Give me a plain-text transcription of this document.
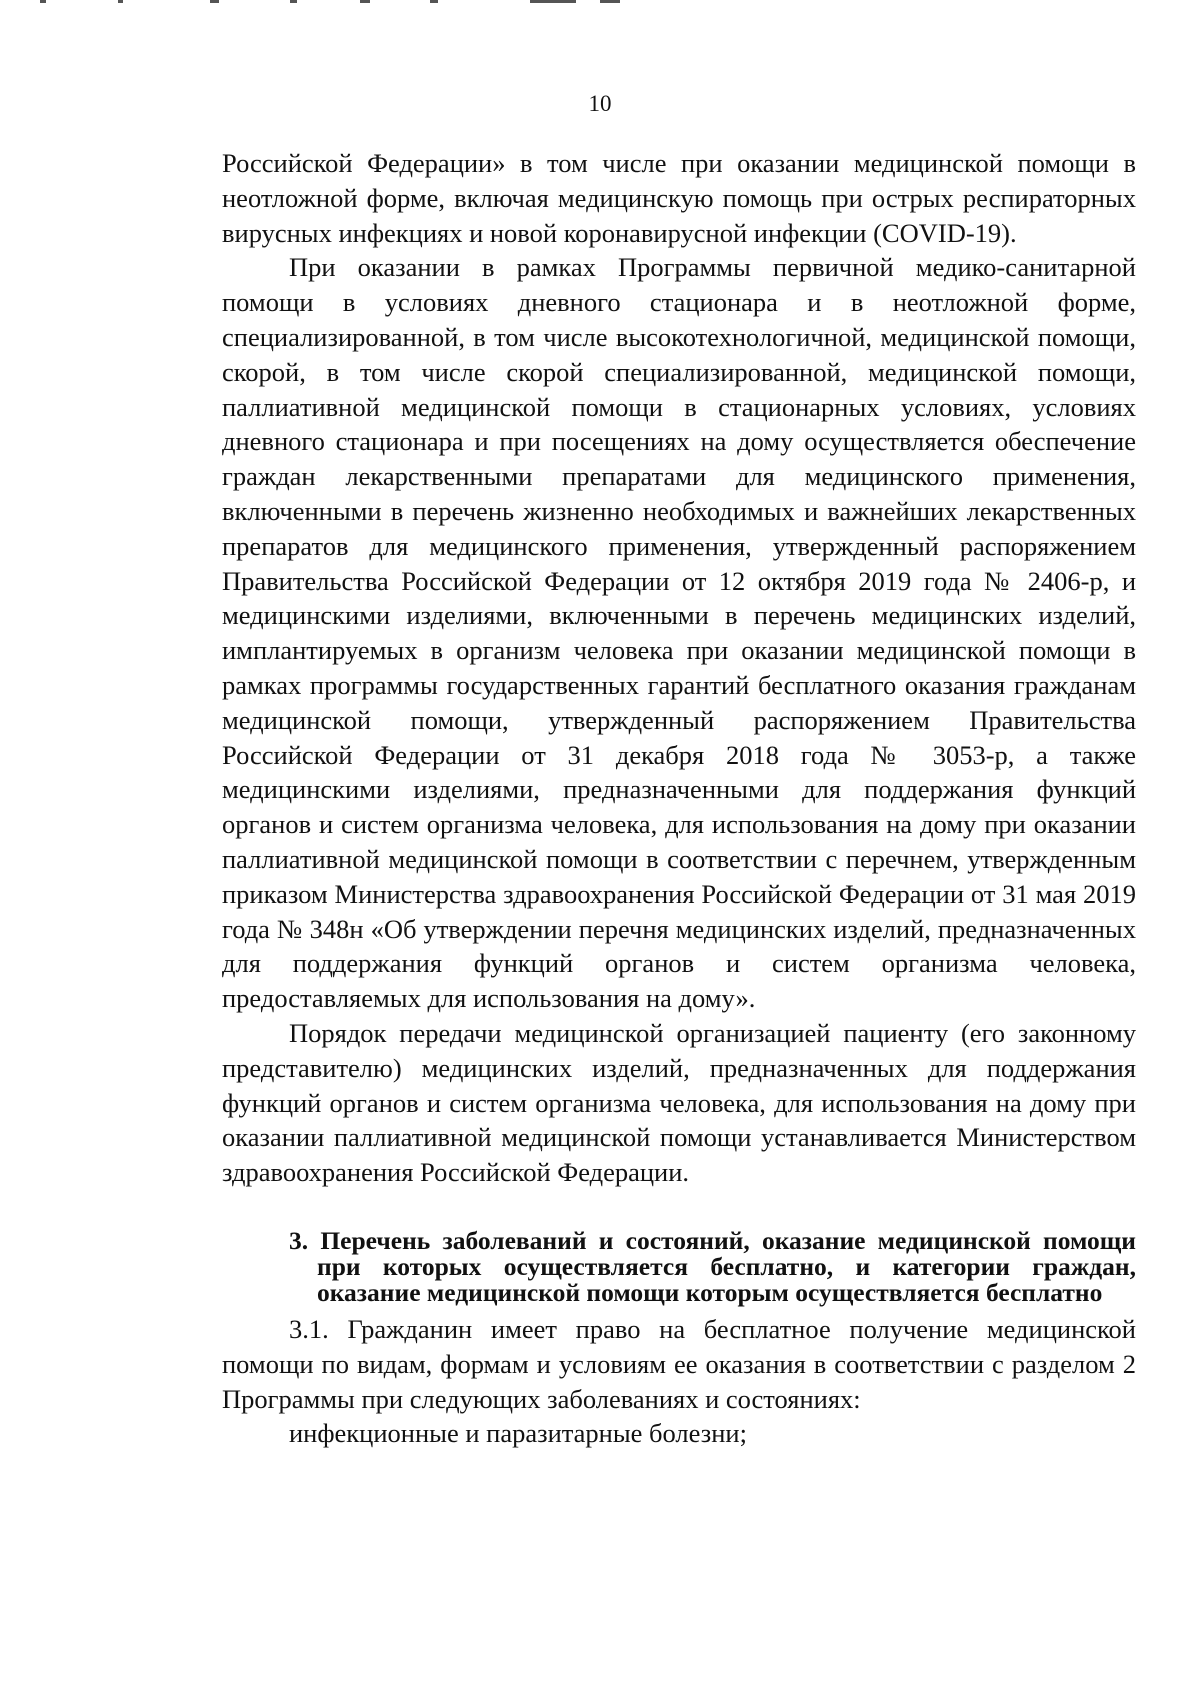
10

Российской Федерации» в том числе при оказании медицинской помощи в неотложной форме, включая медицинскую помощь при острых респираторных вирусных инфекциях и новой коронавирусной инфекции (COVID-19).

При оказании в рамках Программы первичной медико-санитарной помощи в условиях дневного стационара и в неотложной форме, специализированной, в том числе высокотехнологичной, медицинской помощи, скорой, в том числе скорой специализированной, медицинской помощи, паллиативной медицинской помощи в стационарных условиях, условиях дневного стационара и при посещениях на дому осуществляется обеспечение граждан лекарственными препаратами для медицинского применения, включенными в перечень жизненно необходимых и важнейших лекарственных препаратов для медицинского применения, утвержденный распоряжением Правительства Российской Федерации от 12 октября 2019 года № 2406-р, и медицинскими изделиями, включенными в перечень медицинских изделий, имплантируемых в организм человека при оказании медицинской помощи в рамках программы государственных гарантий бесплатного оказания гражданам медицинской помощи, утвержденный распоряжением Правительства Российской Федерации от 31 декабря 2018 года № 3053-р, а также медицинскими изделиями, предназначенными для поддержания функций органов и систем организма человека, для использования на дому при оказании паллиативной медицинской помощи в соответствии с перечнем, утвержденным приказом Министерства здравоохранения Российской Федерации от 31 мая 2019 года № 348н «Об утверждении перечня медицинских изделий, предназначенных для поддержания функций органов и систем организма человека, предоставляемых для использования на дому».

Порядок передачи медицинской организацией пациенту (его законному представителю) медицинских изделий, предназначенных для поддержания функций органов и систем организма человека, для использования на дому при оказании паллиативной медицинской помощи устанавливается Министерством здравоохранения Российской Федерации.

3. Перечень заболеваний и состояний, оказание медицинской помощи при которых осуществляется бесплатно, и категории граждан, оказание медицинской помощи которым осуществляется бесплатно

3.1. Гражданин имеет право на бесплатное получение медицинской помощи по видам, формам и условиям ее оказания в соответствии с разделом 2 Программы при следующих заболеваниях и состояниях:

инфекционные и паразитарные болезни;
